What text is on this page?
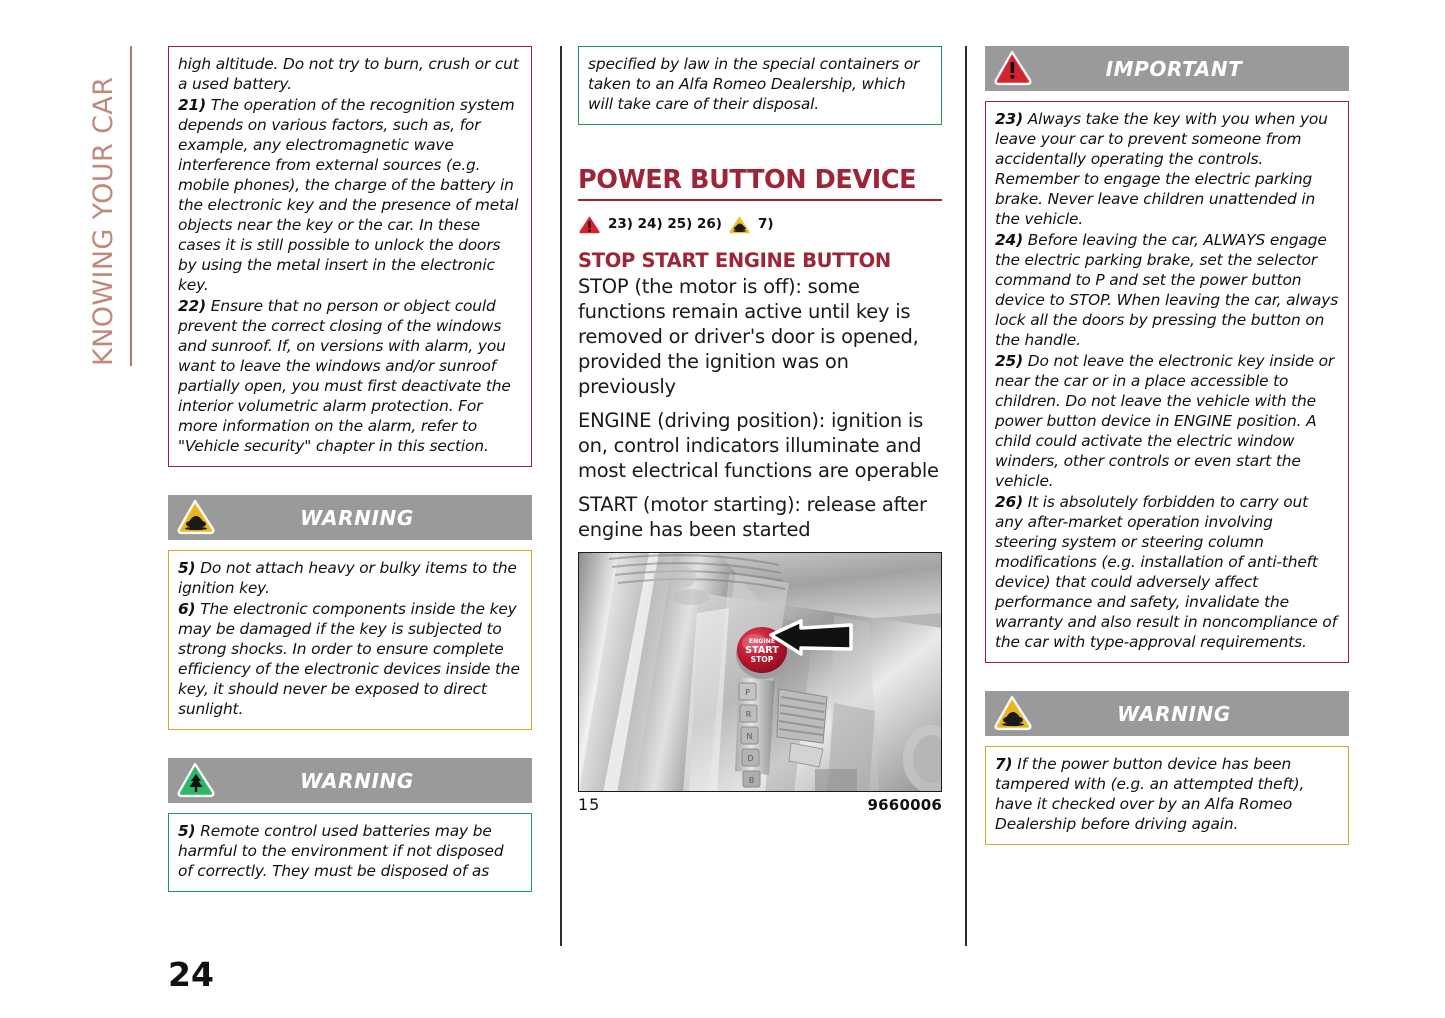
KNOWING YOUR CAR

high altitude. Do not try to burn, crush or cut a used battery.

21) The operation of the recognition system depends on various factors, such as, for example, any electromagnetic wave interference from external sources (e.g. mobile phones), the charge of the battery in the electronic key and the presence of metal objects near the key or the car. In these cases it is still possible to unlock the doors by using the metal insert in the electronic key.

22) Ensure that no person or object could prevent the correct closing of the windows and sunroof. If, on versions with alarm, you want to leave the windows and/or sunroof partially open, you must first deactivate the interior volumetric alarm protection. For more information on the alarm, refer to "Vehicle security" chapter in this section.

WARNING

5) Do not attach heavy or bulky items to the ignition key.

6) The electronic components inside the key may be damaged if the key is subjected to strong shocks. In order to ensure complete efficiency of the electronic devices inside the key, it should never be exposed to direct sunlight.

WARNING

5) Remote control used batteries may be harmful to the environment if not disposed of correctly. They must be disposed of as

specified by law in the special containers or taken to an Alfa Romeo Dealership, which will take care of their disposal.

POWER BUTTON DEVICE
23) 24) 25) 26)	7)
STOP START ENGINE BUTTON

STOP (the motor is off): some functions remain active until key is removed or driver's door is opened, provided the ignition was on previously

ENGINE (driving position): ignition is on, control indicators illuminate and most electrical functions are operable

START (motor starting): release after engine has been started

ENGINE
START
STOP
P
R
N
D
B
15	9660006
IMPORTANT

23) Always take the key with you when you leave your car to prevent someone from accidentally operating the controls. Remember to engage the electric parking brake. Never leave children unattended in the vehicle.

24) Before leaving the car, ALWAYS engage the electric parking brake, set the selector command to P and set the power button device to STOP. When leaving the car, always lock all the doors by pressing the button on the handle.

25) Do not leave the electronic key inside or near the car or in a place accessible to children. Do not leave the vehicle with the power button device in ENGINE position. A child could activate the electric window winders, other controls or even start the vehicle.

26) It is absolutely forbidden to carry out any after-market operation involving steering system or steering column modifications (e.g. installation of anti-theft device) that could adversely affect performance and safety, invalidate the warranty and also result in noncompliance of the car with type-approval requirements.

WARNING

7) If the power button device has been tampered with (e.g. an attempted theft), have it checked over by an Alfa Romeo Dealership before driving again.

24
